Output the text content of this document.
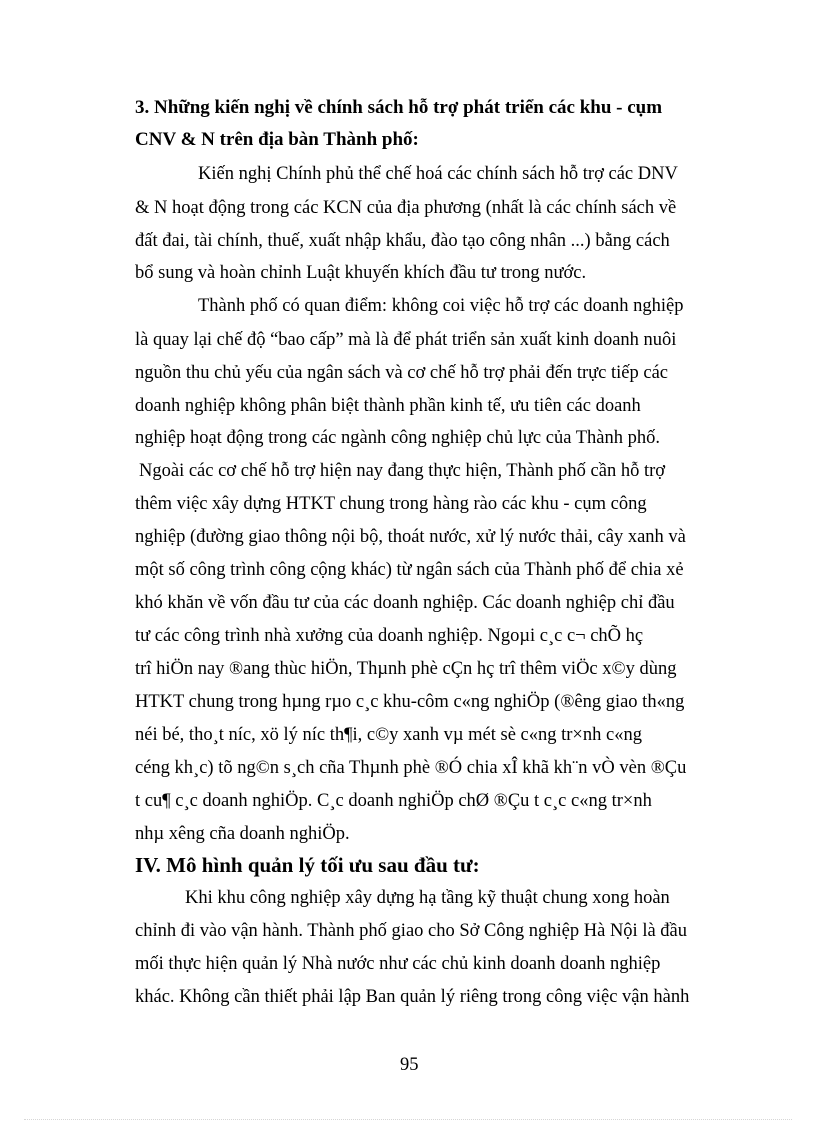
3. Những kiến nghị về chính sách hỗ trợ phát triển các khu - cụm
CNV & N trên địa bàn Thành phố:
Kiến nghị Chính phủ thể chế hoá các chính sách hỗ trợ các DNV
& N hoạt động trong các KCN của địa phương (nhất là các chính sách về
đất đai, tài chính, thuế, xuất nhập khẩu, đào tạo công nhân ...) bằng cách
bổ sung và hoàn chỉnh Luật khuyến khích đầu tư trong nước.
Thành phố có quan điểm: không coi việc hỗ trợ các doanh nghiệp
là quay lại chế độ “bao cấp” mà là để phát triển sản xuất kinh doanh nuôi
nguồn thu chủ yếu của ngân sách và cơ chế hỗ trợ phải đến trực tiếp các
doanh nghiệp không phân biệt thành phần kinh tế, ưu tiên các doanh
nghiệp hoạt động trong các ngành công nghiệp chủ lực của Thành phố.
Ngoài các cơ chế hỗ trợ hiện nay đang thực hiện, Thành phố cần hỗ trợ
thêm việc xây dựng HTKT chung trong hàng rào các khu - cụm công
nghiệp (đường giao thông nội bộ, thoát nước, xử lý nước thải, cây xanh và
một số công trình công cộng khác) từ ngân sách của Thành phố để chia xẻ
khó khăn về vốn đầu tư của các doanh nghiệp. Các doanh nghiệp chỉ đầu
tư các công trình nhà xưởng của doanh nghiệp. Ngoµi c¸c c¬ chÕ hç
trî hiÖn nay ®ang thùc hiÖn, Thµnh phè cÇn hç trî thêm viÖc x©y dùng
HTKT chung trong hµng rµo c¸c khu-côm c«ng nghiÖp (®êng giao th«ng
néi bé, tho¸t níc, xö lý níc th¶i, c©y xanh vµ mét sè c«ng tr×nh c«ng
céng kh¸c) tõ ng©n s¸ch cña Thµnh phè ®Ó chia xÎ khã kh¨n vÒ vèn ®Çu
t cu¶ c¸c doanh nghiÖp. C¸c doanh nghiÖp chØ ®Çu t c¸c c«ng tr×nh
nhµ xêng cña doanh nghiÖp.
IV. Mô hình quản lý tối ưu sau đầu tư:
Khi khu công nghiệp xây dựng hạ tầng kỹ thuật chung xong hoàn
chỉnh đi vào vận hành. Thành phố giao cho Sở Công nghiệp Hà Nội là đầu
mối thực hiện quản lý Nhà nước như các chủ kinh doanh doanh nghiệp
khác. Không cần thiết phải lập Ban quản lý riêng trong công việc vận hành
95
